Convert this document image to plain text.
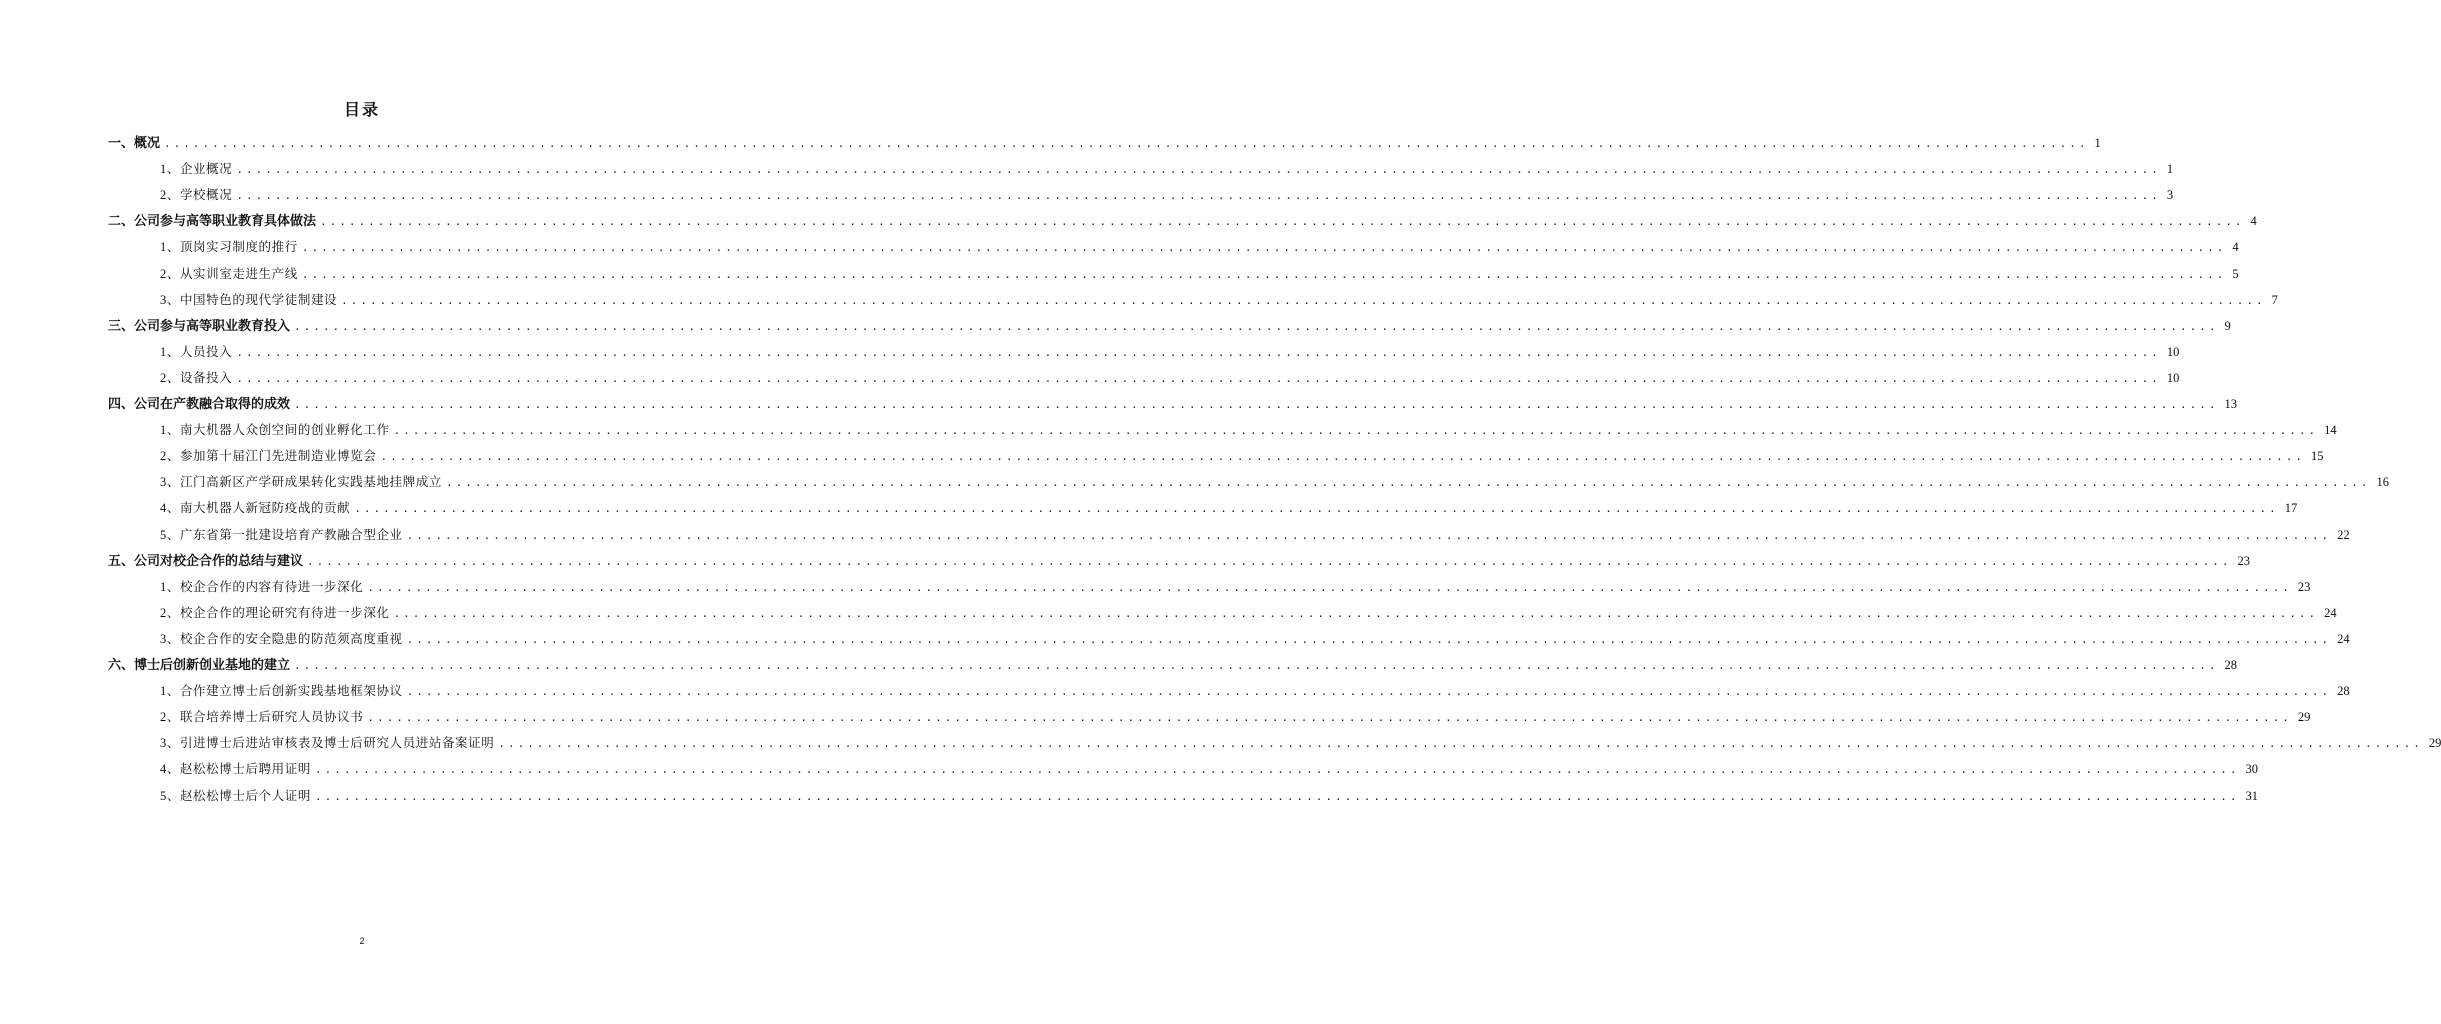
目录
一、概况 ........................................................................................................................................................................................................ 1
1、企业概况 ........................................................................................................................................................................................................ 1
2、学校概况 ........................................................................................................................................................................................................ 3
二、公司参与高等职业教育具体做法 ........................................................................................................................................................................................................ 4
1、顶岗实习制度的推行 ........................................................................................................................................................................................................ 4
2、从实训室走进生产线 ........................................................................................................................................................................................................ 5
3、中国特色的现代学徒制建设 ........................................................................................................................................................................................................ 7
三、公司参与高等职业教育投入 ........................................................................................................................................................................................................ 9
1、人员投入 ........................................................................................................................................................................................................ 10
2、设备投入 ........................................................................................................................................................................................................ 10
四、公司在产教融合取得的成效 ........................................................................................................................................................................................................ 13
1、南大机器人众创空间的创业孵化工作 ........................................................................................................................................................................................................ 14
2、参加第十届江门先进制造业博览会 ........................................................................................................................................................................................................ 15
3、江门高新区产学研成果转化实践基地挂牌成立 ........................................................................................................................................................................................................ 16
4、南大机器人新冠防疫战的贡献 ........................................................................................................................................................................................................ 17
5、广东省第一批建设培育产教融合型企业 ........................................................................................................................................................................................................ 22
五、公司对校企合作的总结与建议 ........................................................................................................................................................................................................ 23
1、校企合作的内容有待进一步深化 ........................................................................................................................................................................................................ 23
2、校企合作的理论研究有待进一步深化 ........................................................................................................................................................................................................ 24
3、校企合作的安全隐患的防范须高度重视 ........................................................................................................................................................................................................ 24
六、博士后创新创业基地的建立 ........................................................................................................................................................................................................ 28
1、合作建立博士后创新实践基地框架协议 ........................................................................................................................................................................................................ 28
2、联合培养博士后研究人员协议书 ........................................................................................................................................................................................................ 29
3、引进博士后进站审核表及博士后研究人员进站备案证明 ........................................................................................................................................................................................................ 29
4、赵松松博士后聘用证明 ........................................................................................................................................................................................................ 30
5、赵松松博士后个人证明 ........................................................................................................................................................................................................ 31
2
